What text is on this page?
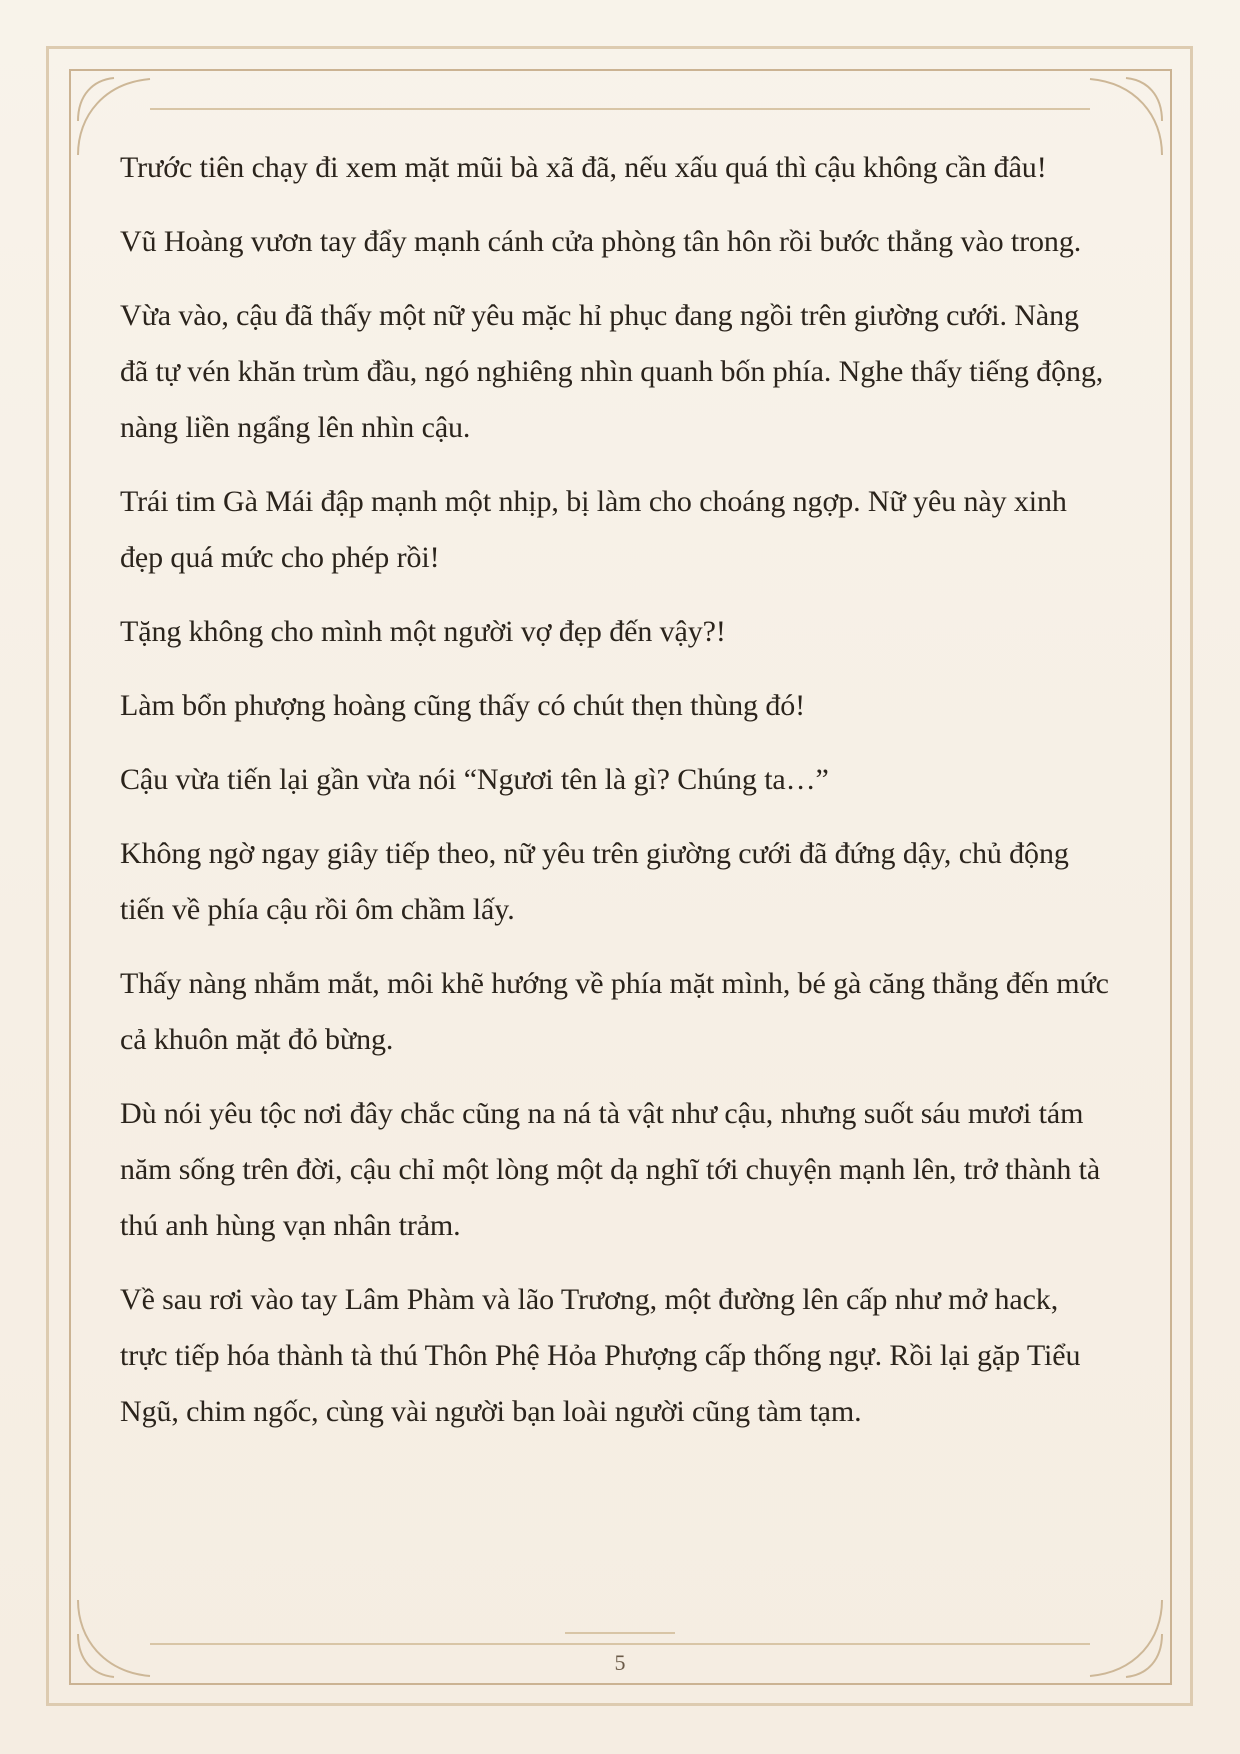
Trước tiên chạy đi xem mặt mũi bà xã đã, nếu xấu quá thì cậu không cần đâu!

Vũ Hoàng vươn tay đẩy mạnh cánh cửa phòng tân hôn rồi bước thẳng vào trong.

Vừa vào, cậu đã thấy một nữ yêu mặc hỉ phục đang ngồi trên giường cưới. Nàng đã tự vén khăn trùm đầu, ngó nghiêng nhìn quanh bốn phía. Nghe thấy tiếng động, nàng liền ngẩng lên nhìn cậu.

Trái tim Gà Mái đập mạnh một nhịp, bị làm cho choáng ngợp. Nữ yêu này xinh đẹp quá mức cho phép rồi!

Tặng không cho mình một người vợ đẹp đến vậy?!

Làm bổn phượng hoàng cũng thấy có chút thẹn thùng đó!

Cậu vừa tiến lại gần vừa nói “Ngươi tên là gì? Chúng ta…”

Không ngờ ngay giây tiếp theo, nữ yêu trên giường cưới đã đứng dậy, chủ động tiến về phía cậu rồi ôm chầm lấy.

Thấy nàng nhắm mắt, môi khẽ hướng về phía mặt mình, bé gà căng thẳng đến mức cả khuôn mặt đỏ bừng.

Dù nói yêu tộc nơi đây chắc cũng na ná tà vật như cậu, nhưng suốt sáu mươi tám năm sống trên đời, cậu chỉ một lòng một dạ nghĩ tới chuyện mạnh lên, trở thành tà thú anh hùng vạn nhân trảm.

Về sau rơi vào tay Lâm Phàm và lão Trương, một đường lên cấp như mở hack, trực tiếp hóa thành tà thú Thôn Phệ Hỏa Phượng cấp thống ngự. Rồi lại gặp Tiểu Ngũ, chim ngốc, cùng vài người bạn loài người cũng tàm tạm.

5
